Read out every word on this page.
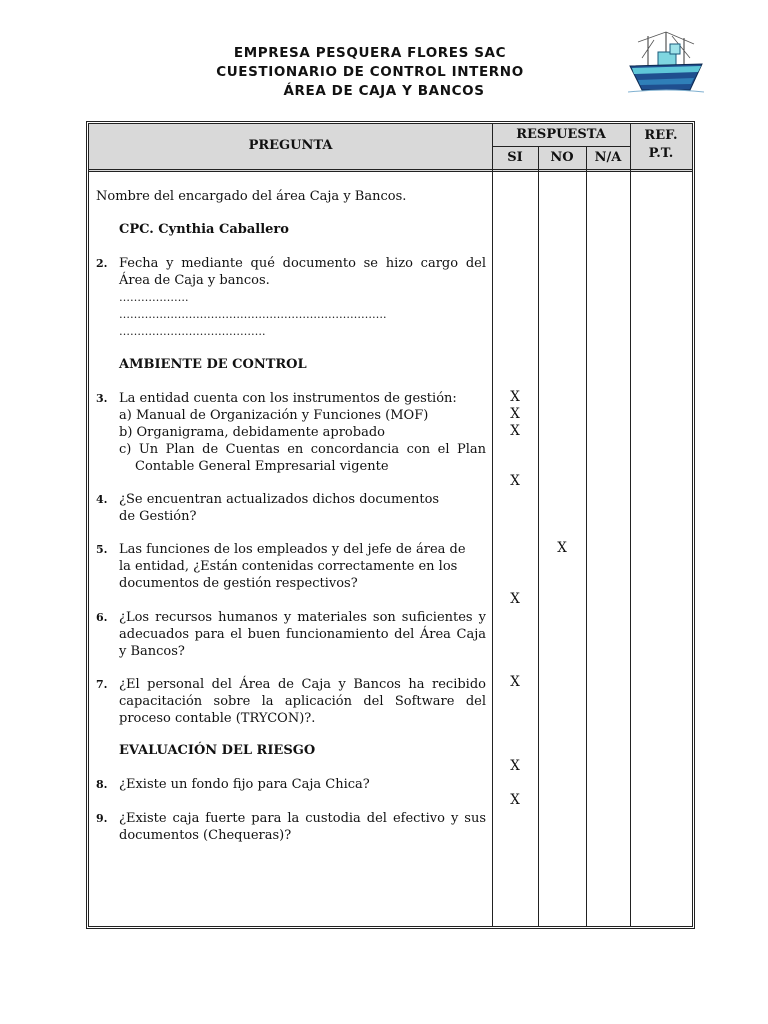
EMPRESA PESQUERA FLORES SAC
CUESTIONARIO DE CONTROL INTERNO
ÁREA DE CAJA Y BANCOS
PREGUNTA
RESPUESTA
SI	NO	N/A
REF.
P.T.
Nombre del encargado del área Caja y Bancos.
CPC. Cynthia Caballero
2. Fecha y mediante qué documento se hizo cargo del Área de Caja y bancos.
……………….
……………………………………………………………….
………………………………….
AMBIENTE DE CONTROL
3. La entidad cuenta con los instrumentos de gestión:
a) Manual de Organización y Funciones (MOF)
b) Organigrama, debidamente aprobado
c) Un Plan de Cuentas en concordancia con el Plan
Contable General Empresarial vigente
4. ¿Se encuentran actualizados dichos documentos de Gestión?
5. Las funciones de los empleados y del jefe de área de la entidad, ¿Están contenidas correctamente en los documentos de gestión respectivos?
6. ¿Los recursos humanos y materiales son suficientes y adecuados para el buen funcionamiento del Área Caja y Bancos?
7. ¿El personal del Área de Caja y Bancos ha recibido capacitación sobre la aplicación del Software del proceso contable (TRYCON)?.
EVALUACIÓN DEL RIESGO
8. ¿Existe un fondo fijo para Caja Chica?
9. ¿Existe caja fuerte para la custodia del efectivo y sus documentos (Chequeras)?
X
X
X
X
X
X
X
X
X
